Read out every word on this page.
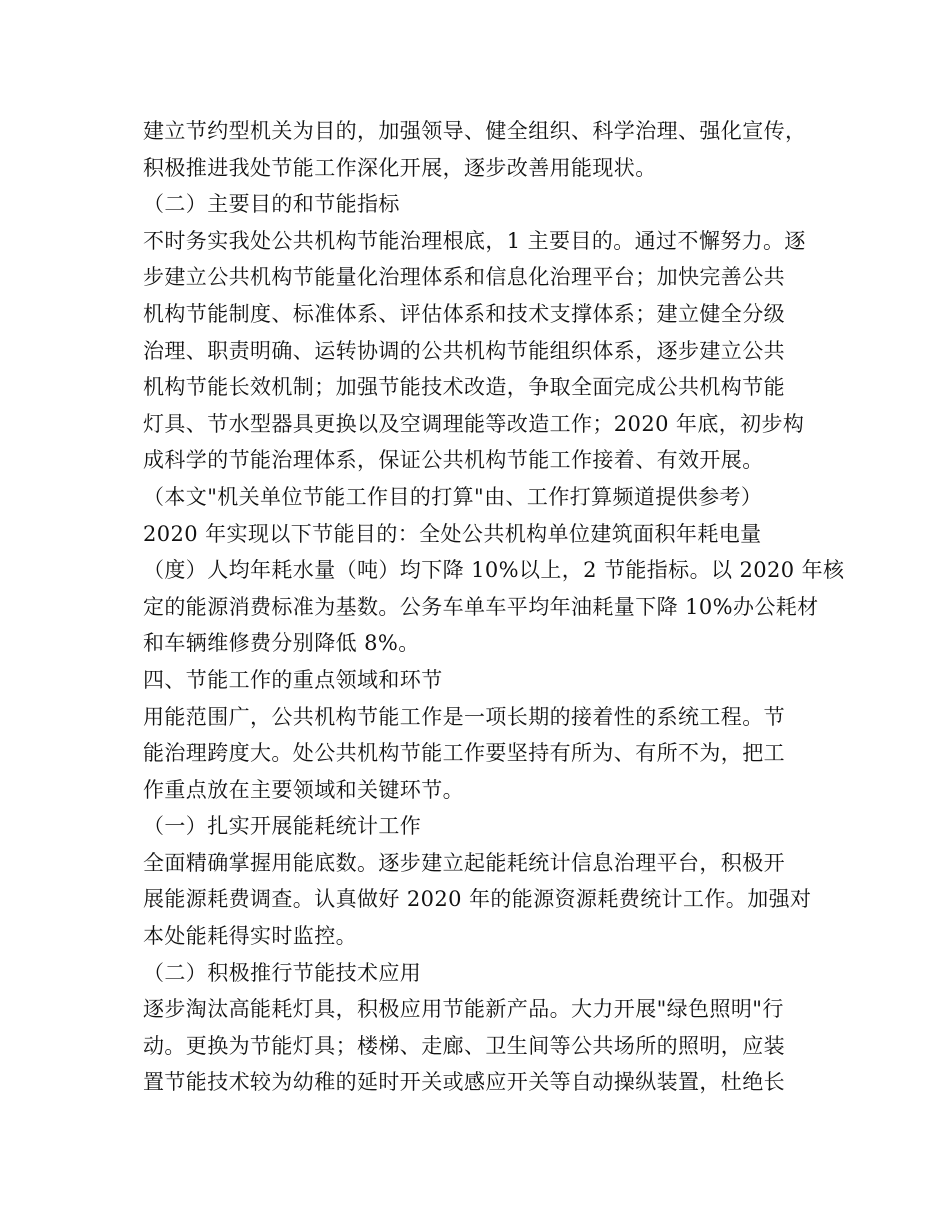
建立节约型机关为目的，加强领导、健全组织、科学治理、强化宣传，
积极推进我处节能工作深化开展，逐步改善用能现状。
（二）主要目的和节能指标
不时务实我处公共机构节能治理根底，1 主要目的。通过不懈努力。逐
步建立公共机构节能量化治理体系和信息化治理平台；加快完善公共
机构节能制度、标准体系、评估体系和技术支撑体系；建立健全分级
治理、职责明确、运转协调的公共机构节能组织体系，逐步建立公共
机构节能长效机制；加强节能技术改造，争取全面完成公共机构节能
灯具、节水型器具更换以及空调理能等改造工作；2020 年底，初步构
成科学的节能治理体系，保证公共机构节能工作接着、有效开展。
（本文"机关单位节能工作目的打算"由、工作打算频道提供参考）
2020 年实现以下节能目的：全处公共机构单位建筑面积年耗电量
（度）人均年耗水量（吨）均下降 10%以上，2 节能指标。以 2020 年核
定的能源消费标准为基数。公务车单车平均年油耗量下降 10%办公耗材
和车辆维修费分别降低 8%。
四、节能工作的重点领域和环节
用能范围广，公共机构节能工作是一项长期的接着性的系统工程。节
能治理跨度大。处公共机构节能工作要坚持有所为、有所不为，把工
作重点放在主要领域和关键环节。
（一）扎实开展能耗统计工作
全面精确掌握用能底数。逐步建立起能耗统计信息治理平台，积极开
展能源耗费调查。认真做好 2020 年的能源资源耗费统计工作。加强对
本处能耗得实时监控。
（二）积极推行节能技术应用
逐步淘汰高能耗灯具，积极应用节能新产品。大力开展"绿色照明"行
动。更换为节能灯具；楼梯、走廊、卫生间等公共场所的照明，应装
置节能技术较为幼稚的延时开关或感应开关等自动操纵装置，杜绝长
